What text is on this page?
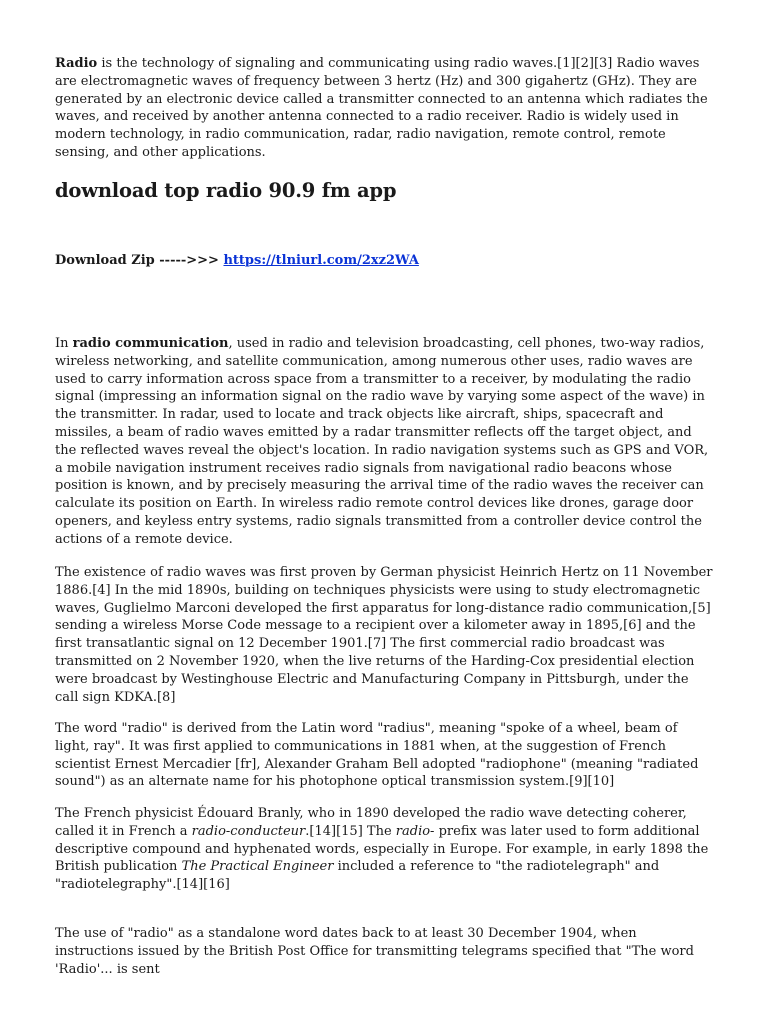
Radio is the technology of signaling and communicating using radio waves.[1][2][3] Radio waves are electromagnetic waves of frequency between 3 hertz (Hz) and 300 gigahertz (GHz). They are generated by an electronic device called a transmitter connected to an antenna which radiates the waves, and received by another antenna connected to a radio receiver. Radio is widely used in modern technology, in radio communication, radar, radio navigation, remote control, remote sensing, and other applications.

download top radio 90.9 fm app

Download Zip ----->>> https://tlniurl.com/2xz2WA

In radio communication, used in radio and television broadcasting, cell phones, two-way radios, wireless networking, and satellite communication, among numerous other uses, radio waves are used to carry information across space from a transmitter to a receiver, by modulating the radio signal (impressing an information signal on the radio wave by varying some aspect of the wave) in the transmitter. In radar, used to locate and track objects like aircraft, ships, spacecraft and missiles, a beam of radio waves emitted by a radar transmitter reflects off the target object, and the reflected waves reveal the object's location. In radio navigation systems such as GPS and VOR, a mobile navigation instrument receives radio signals from navigational radio beacons whose position is known, and by precisely measuring the arrival time of the radio waves the receiver can calculate its position on Earth. In wireless radio remote control devices like drones, garage door openers, and keyless entry systems, radio signals transmitted from a controller device control the actions of a remote device.

The existence of radio waves was first proven by German physicist Heinrich Hertz on 11 November 1886.[4] In the mid 1890s, building on techniques physicists were using to study electromagnetic waves, Guglielmo Marconi developed the first apparatus for long-distance radio communication,[5] sending a wireless Morse Code message to a recipient over a kilometer away in 1895,[6] and the first transatlantic signal on 12 December 1901.[7] The first commercial radio broadcast was transmitted on 2 November 1920, when the live returns of the Harding-Cox presidential election were broadcast by Westinghouse Electric and Manufacturing Company in Pittsburgh, under the call sign KDKA.[8]

The word "radio" is derived from the Latin word "radius", meaning "spoke of a wheel, beam of light, ray". It was first applied to communications in 1881 when, at the suggestion of French scientist Ernest Mercadier [fr], Alexander Graham Bell adopted "radiophone" (meaning "radiated sound") as an alternate name for his photophone optical transmission system.[9][10]

The French physicist Édouard Branly, who in 1890 developed the radio wave detecting coherer, called it in French a radio-conducteur.[14][15] The radio- prefix was later used to form additional descriptive compound and hyphenated words, especially in Europe. For example, in early 1898 the British publication The Practical Engineer included a reference to "the radiotelegraph" and "radiotelegraphy".[14][16]

The use of "radio" as a standalone word dates back to at least 30 December 1904, when instructions issued by the British Post Office for transmitting telegrams specified that "The word 'Radio'... is sent
